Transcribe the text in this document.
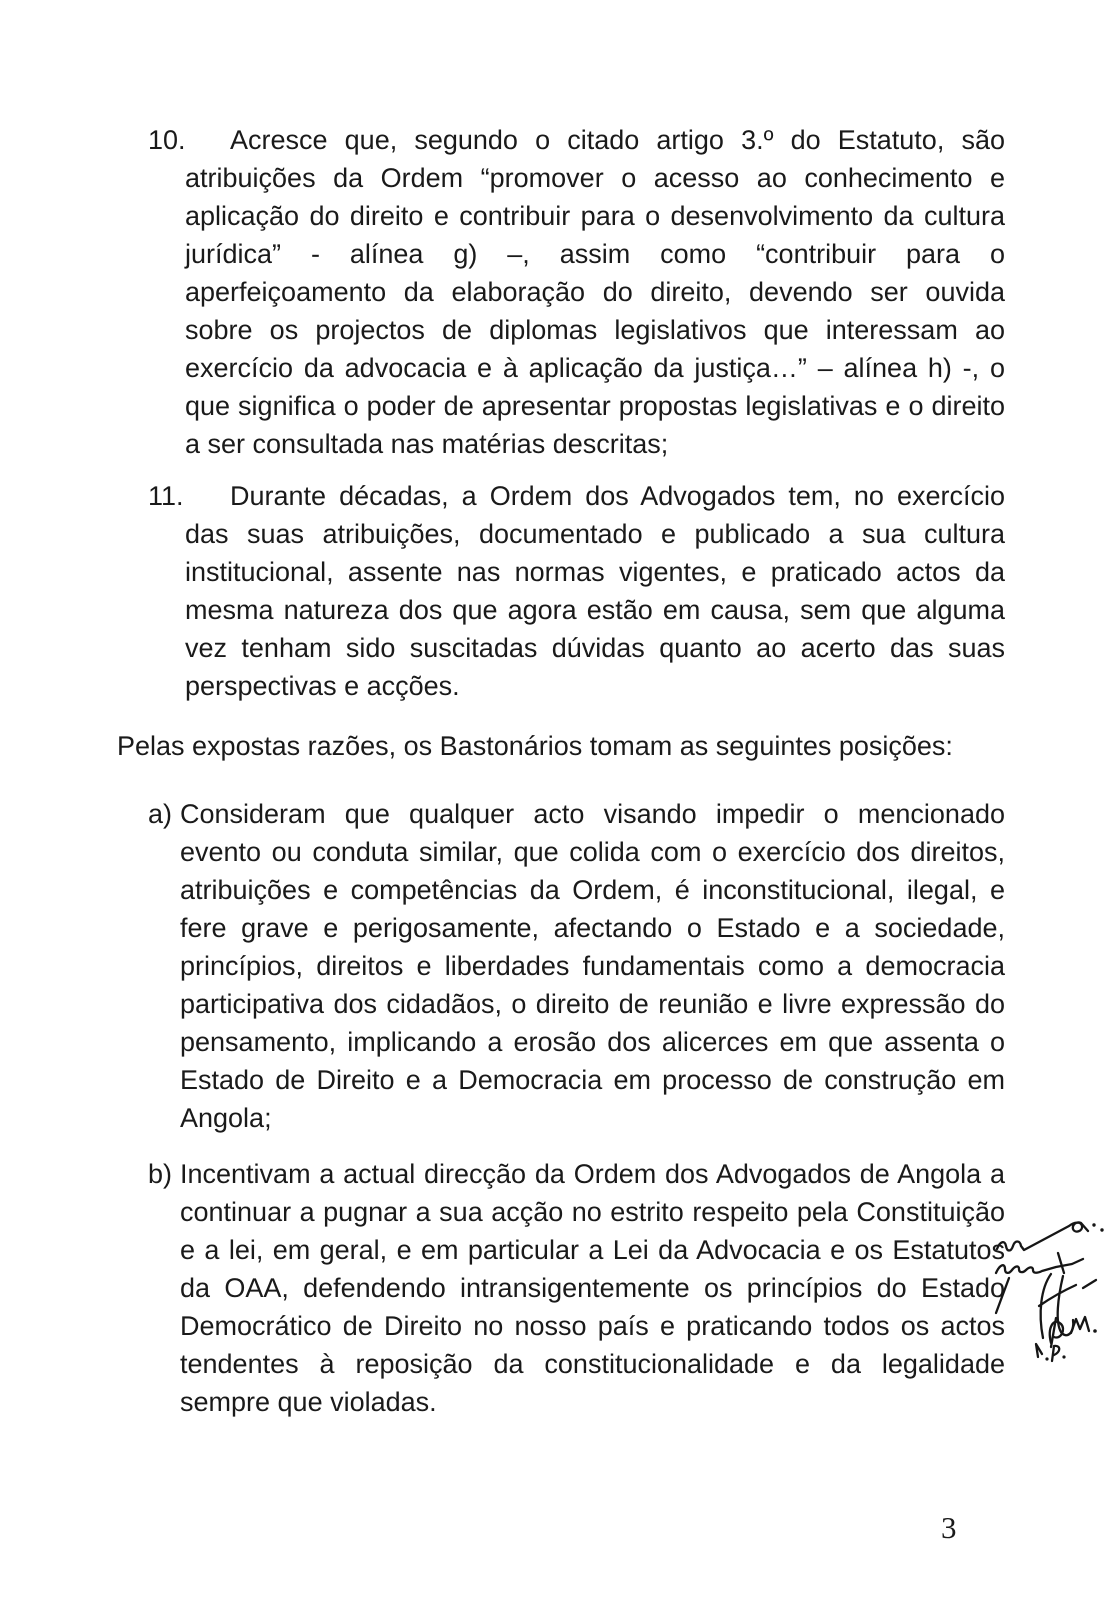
10.	Acresce que, segundo o citado artigo 3.º do Estatuto, são atribuições da Ordem “promover o acesso ao conhecimento e aplicação do direito e contribuir para o desenvolvimento da cultura jurídica” - alínea g) –, assim como “contribuir para o aperfeiçoamento da elaboração do direito, devendo ser ouvida sobre os projectos de diplomas legislativos que interessam ao exercício da advocacia e à aplicação da justiça…” – alínea h) -, o que significa o poder de apresentar propostas legislativas e o direito a ser consultada nas matérias descritas;

11.	Durante décadas, a Ordem dos Advogados tem, no exercício das suas atribuições, documentado e publicado a sua cultura institucional, assente nas normas vigentes, e praticado actos da mesma natureza dos que agora estão em causa, sem que alguma vez tenham sido suscitadas dúvidas quanto ao acerto das suas perspectivas e acções.

Pelas expostas razões, os Bastonários tomam as seguintes posições:

a) Consideram que qualquer acto visando impedir o mencionado evento ou conduta similar, que colida com o exercício dos direitos, atribuições e competências da Ordem, é inconstitucional, ilegal, e fere grave e perigosamente, afectando o Estado e a sociedade, princípios, direitos e liberdades fundamentais como a democracia participativa dos cidadãos, o direito de reunião e livre expressão do pensamento, implicando a erosão dos alicerces em que assenta o Estado de Direito e a Democracia em processo de construção em Angola;

b) Incentivam a actual direcção da Ordem dos Advogados de Angola a continuar a pugnar a sua acção no estrito respeito pela Constituição e a lei, em geral, e em particular a Lei da Advocacia e os Estatutos da OAA, defendendo intransigentemente os princípios do Estado Democrático de Direito no nosso país e praticando todos os actos tendentes à reposição da constitucionalidade e da legalidade sempre que violadas.

3
